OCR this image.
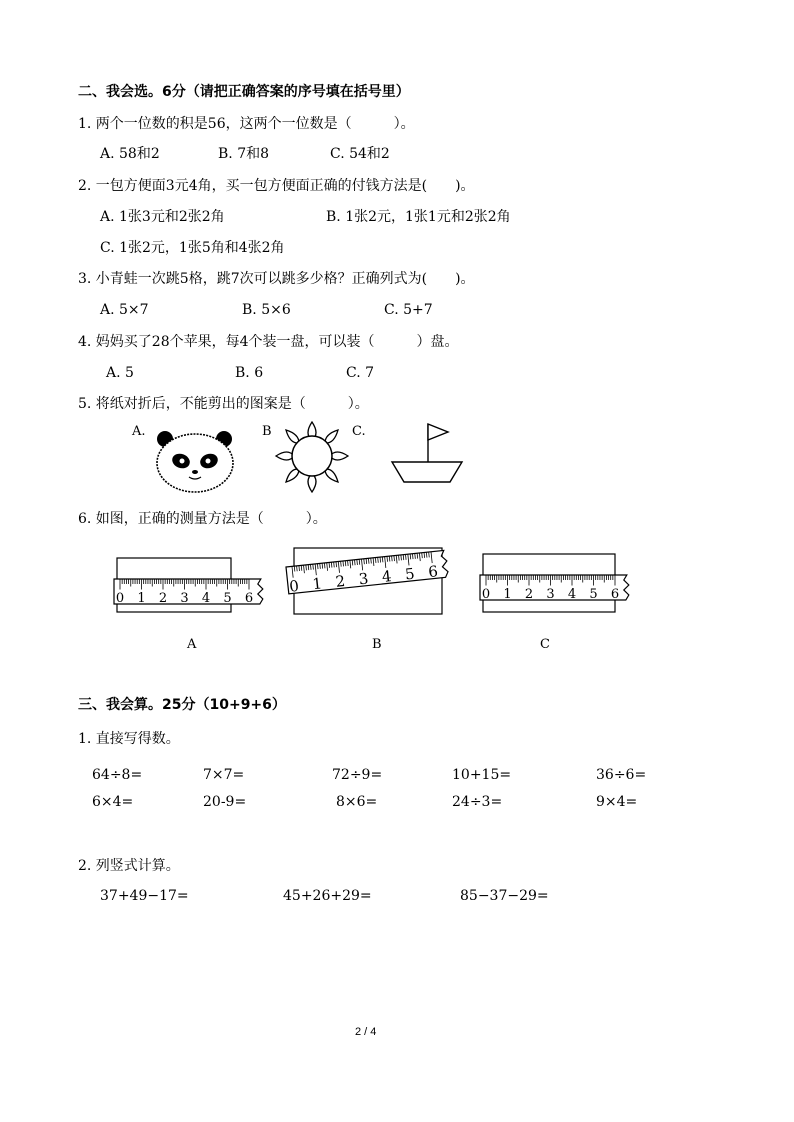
二、我会选。6分（请把正确答案的序号填在括号里）
1. 两个一位数的积是56，这两个一位数是（　　　）。
A. 58和2	B. 7和8	C. 54和2
2. 一包方便面3元4角，买一包方便面正确的付钱方法是(　　)。
A. 1张3元和2张2角	B. 1张2元，1张1元和2张2角
C. 1张2元，1张5角和4张2角
3. 小青蛙一次跳5格，跳7次可以跳多少格？正确列式为(　　)。
A. 5×7	B. 5×6	C. 5+7
4. 妈妈买了28个苹果，每4个装一盘，可以装（　　　）盘。
A. 5	B. 6	C. 7
5. 将纸对折后，不能剪出的图案是（　　　）。
A.	B	C.
6. 如图，正确的测量方法是（　　　）。
0 1 2 3 4 5 6
0 1 2 3 4 5 6
0 1 2 3 4 5 6
A	B	C
三、我会算。25分（10+9+6）
1. 直接写得数。
64÷8=	7×7=	72÷9=	10+15=	36÷6=
6×4=	20-9=	8×6=	24÷3=	9×4=
2. 列竖式计算。
37+49−17=	45+26+29=	85−37−29=
2 / 4
